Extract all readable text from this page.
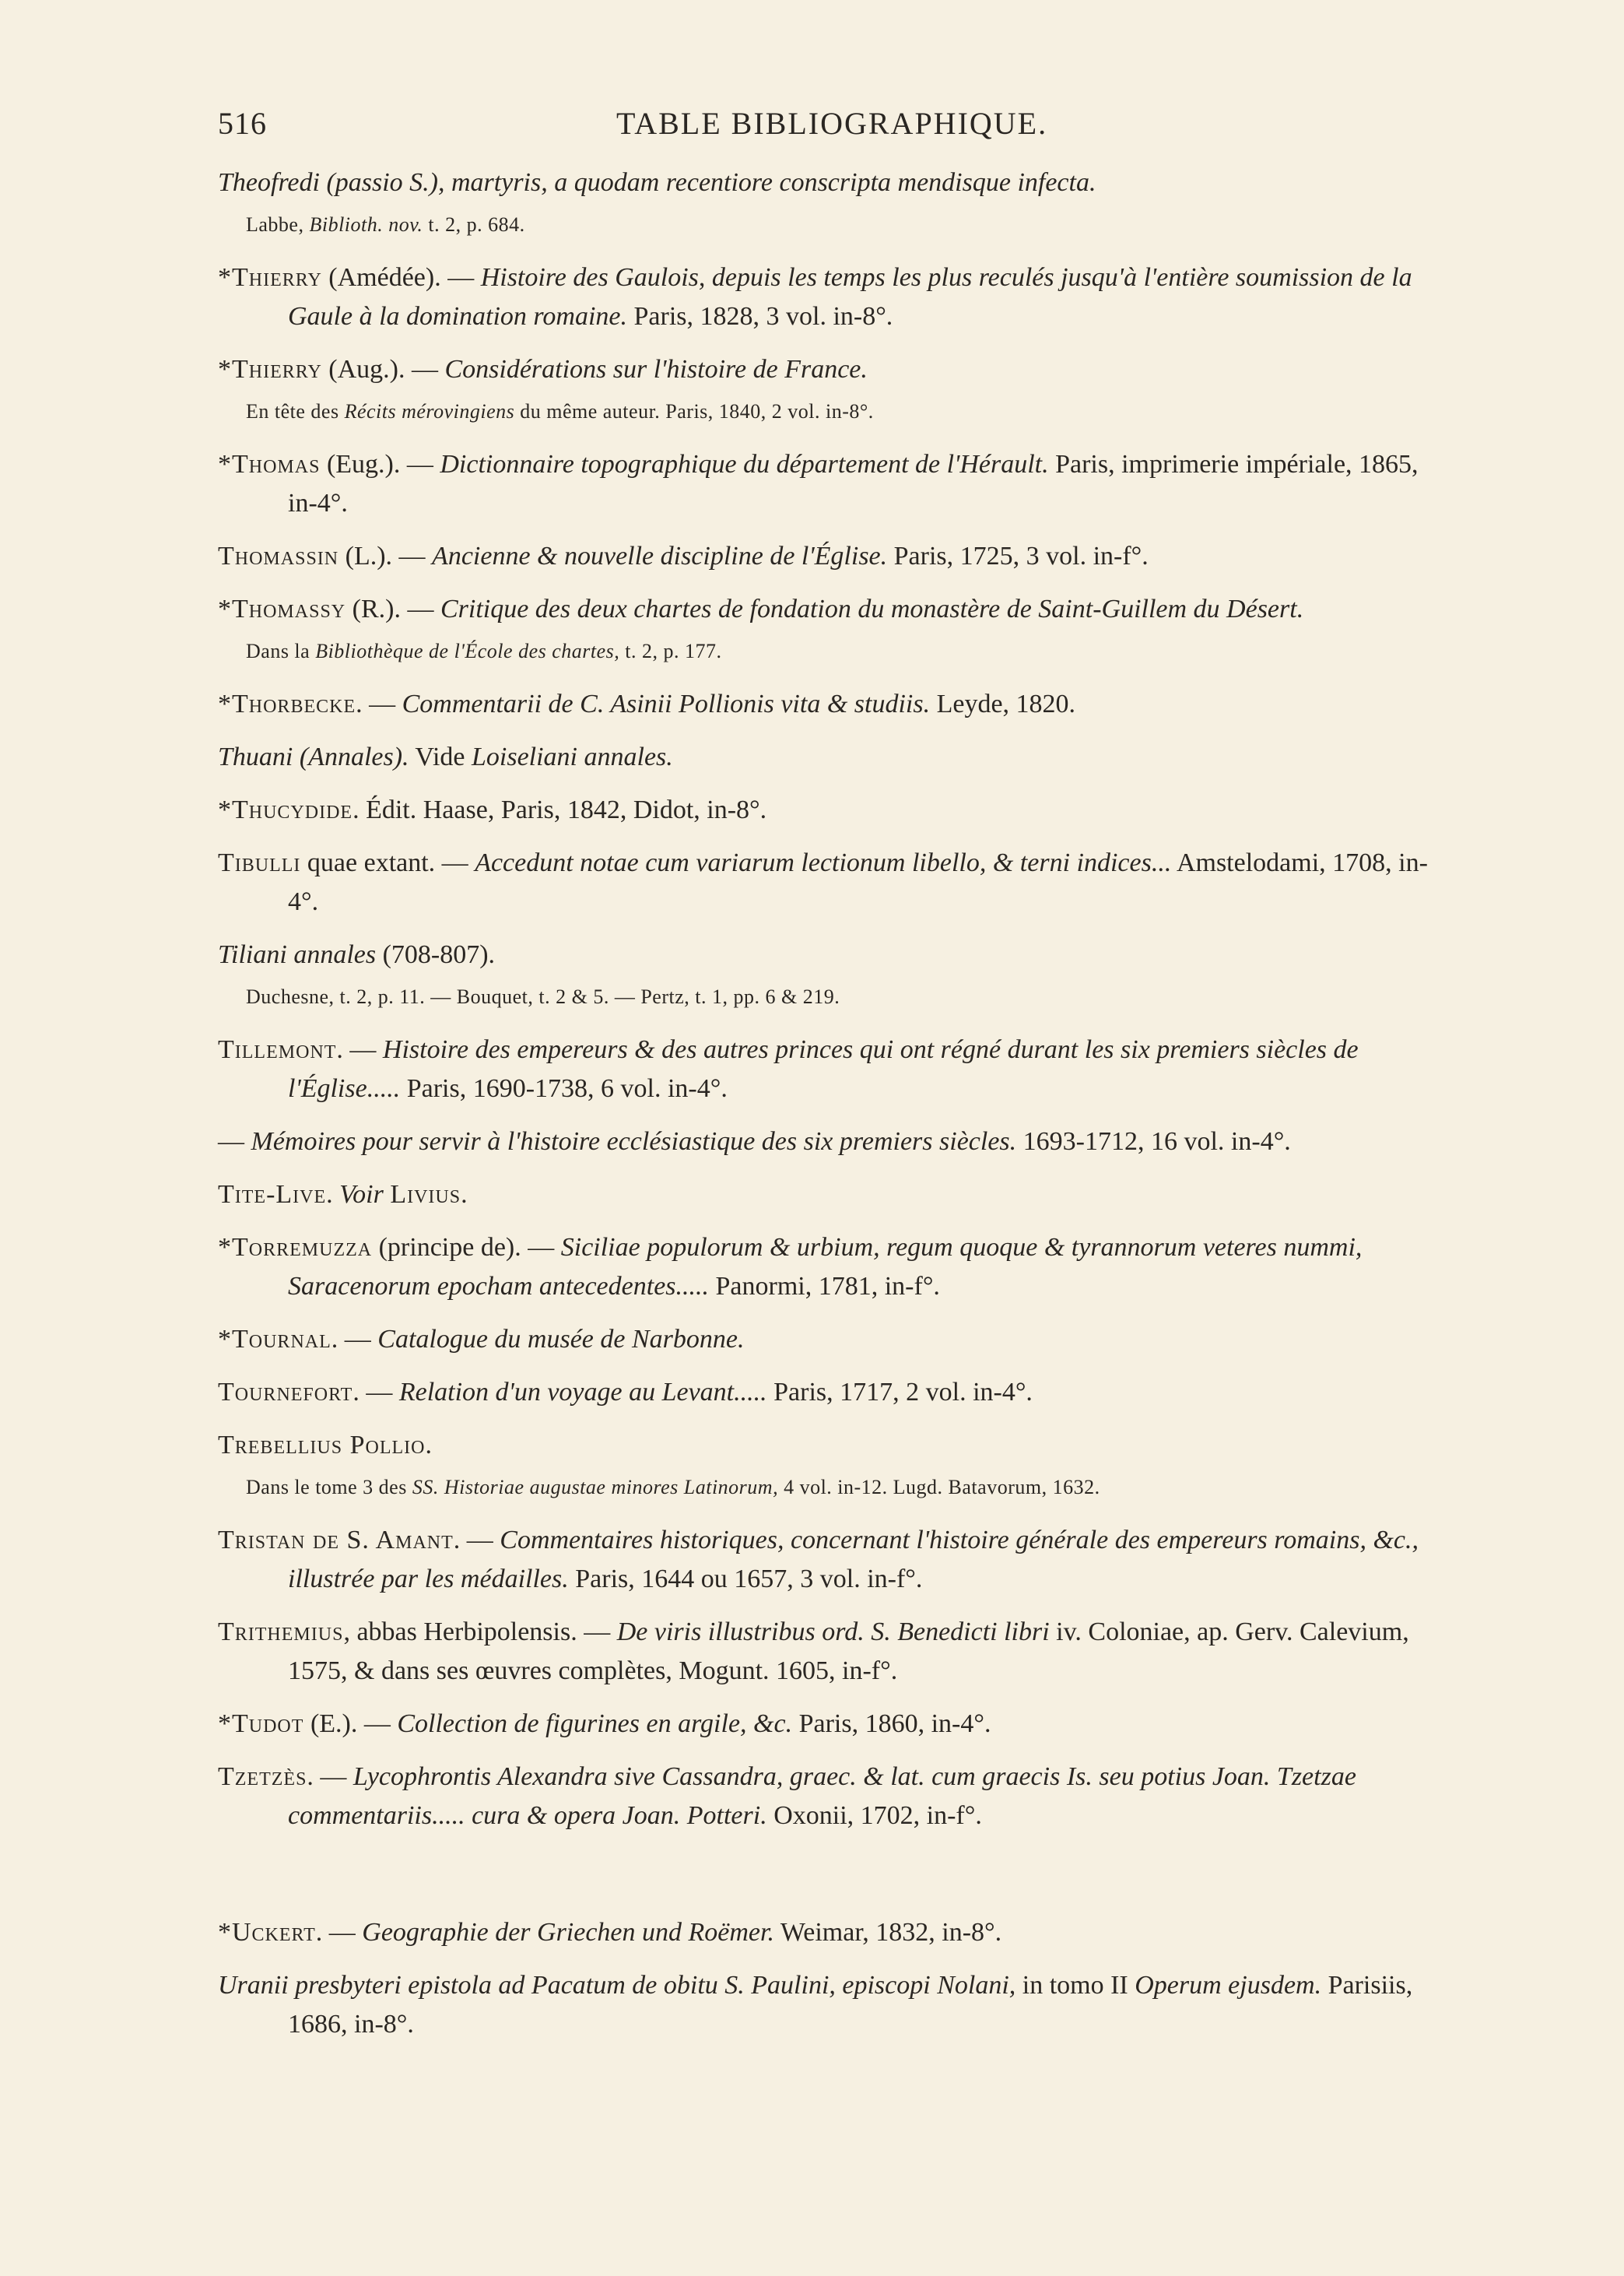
516	TABLE BIBLIOGRAPHIQUE.
Theofredi (passio S.), martyris, a quodam recentiore conscripta mendisque infecta.
Labbe, Biblioth. nov. t. 2, p. 684.
*Thierry (Amédée). — Histoire des Gaulois, depuis les temps les plus reculés jusqu'à l'entière soumission de la Gaule à la domination romaine. Paris, 1828, 3 vol. in-8°.
*Thierry (Aug.). — Considérations sur l'histoire de France.
En tête des Récits mérovingiens du même auteur. Paris, 1840, 2 vol. in-8°.
*Thomas (Eug.). — Dictionnaire topographique du département de l'Hérault. Paris, imprimerie impériale, 1865, in-4°.
Thomassin (L.). — Ancienne & nouvelle discipline de l'Église. Paris, 1725, 3 vol. in-f°.
*Thomassy (R.). — Critique des deux chartes de fondation du monastère de Saint-Guillem du Désert.
Dans la Bibliothèque de l'École des chartes, t. 2, p. 177.
*Thorbecke. — Commentarii de C. Asinii Pollionis vita & studiis. Leyde, 1820.
Thuani (Annales). Vide Loiseliani annales.
*Thucydide. Édit. Haase, Paris, 1842, Didot, in-8°.
Tibulli quae extant. — Accedunt notae cum variarum lectionum libello, & terni indices... Amstelodami, 1708, in-4°.
Tiliani annales (708-807).
Duchesne, t. 2, p. 11. — Bouquet, t. 2 & 5. — Pertz, t. 1, pp. 6 & 219.
Tillemont. — Histoire des empereurs & des autres princes qui ont régné durant les six premiers siècles de l'Église..... Paris, 1690-1738, 6 vol. in-4°.
— Mémoires pour servir à l'histoire ecclésiastique des six premiers siècles. 1693-1712, 16 vol. in-4°.
Tite-Live. Voir Livius.
*Torremuzza (principe de). — Siciliae populorum & urbium, regum quoque & tyrannorum veteres nummi, Saracenorum epocham antecedentes..... Panormi, 1781, in-f°.
*Tournal. — Catalogue du musée de Narbonne.
Tournefort. — Relation d'un voyage au Levant..... Paris, 1717, 2 vol. in-4°.
Trebellius Pollio.
Dans le tome 3 des SS. Historiae augustae minores Latinorum, 4 vol. in-12. Lugd. Batavorum, 1632.
Tristan de S. Amant. — Commentaires historiques, concernant l'histoire générale des empereurs romains, &c., illustrée par les médailles. Paris, 1644 ou 1657, 3 vol. in-f°.
Trithemius, abbas Herbipolensis. — De viris illustribus ord. S. Benedicti libri iv. Coloniae, ap. Gerv. Calevium, 1575, & dans ses œuvres complètes, Mogunt. 1605, in-f°.
*Tudot (E.). — Collection de figurines en argile, &c. Paris, 1860, in-4°.
Tzetzès. — Lycophrontis Alexandra sive Cassandra, graec. & lat. cum graecis Is. seu potius Joan. Tzetzae commentariis..... cura & opera Joan. Potteri. Oxonii, 1702, in-f°.
*Uckert. — Geographie der Griechen und Roëmer. Weimar, 1832, in-8°.
Uranii presbyteri epistola ad Pacatum de obitu S. Paulini, episcopi Nolani, in tomo II Operum ejusdem. Parisiis, 1686, in-8°.
